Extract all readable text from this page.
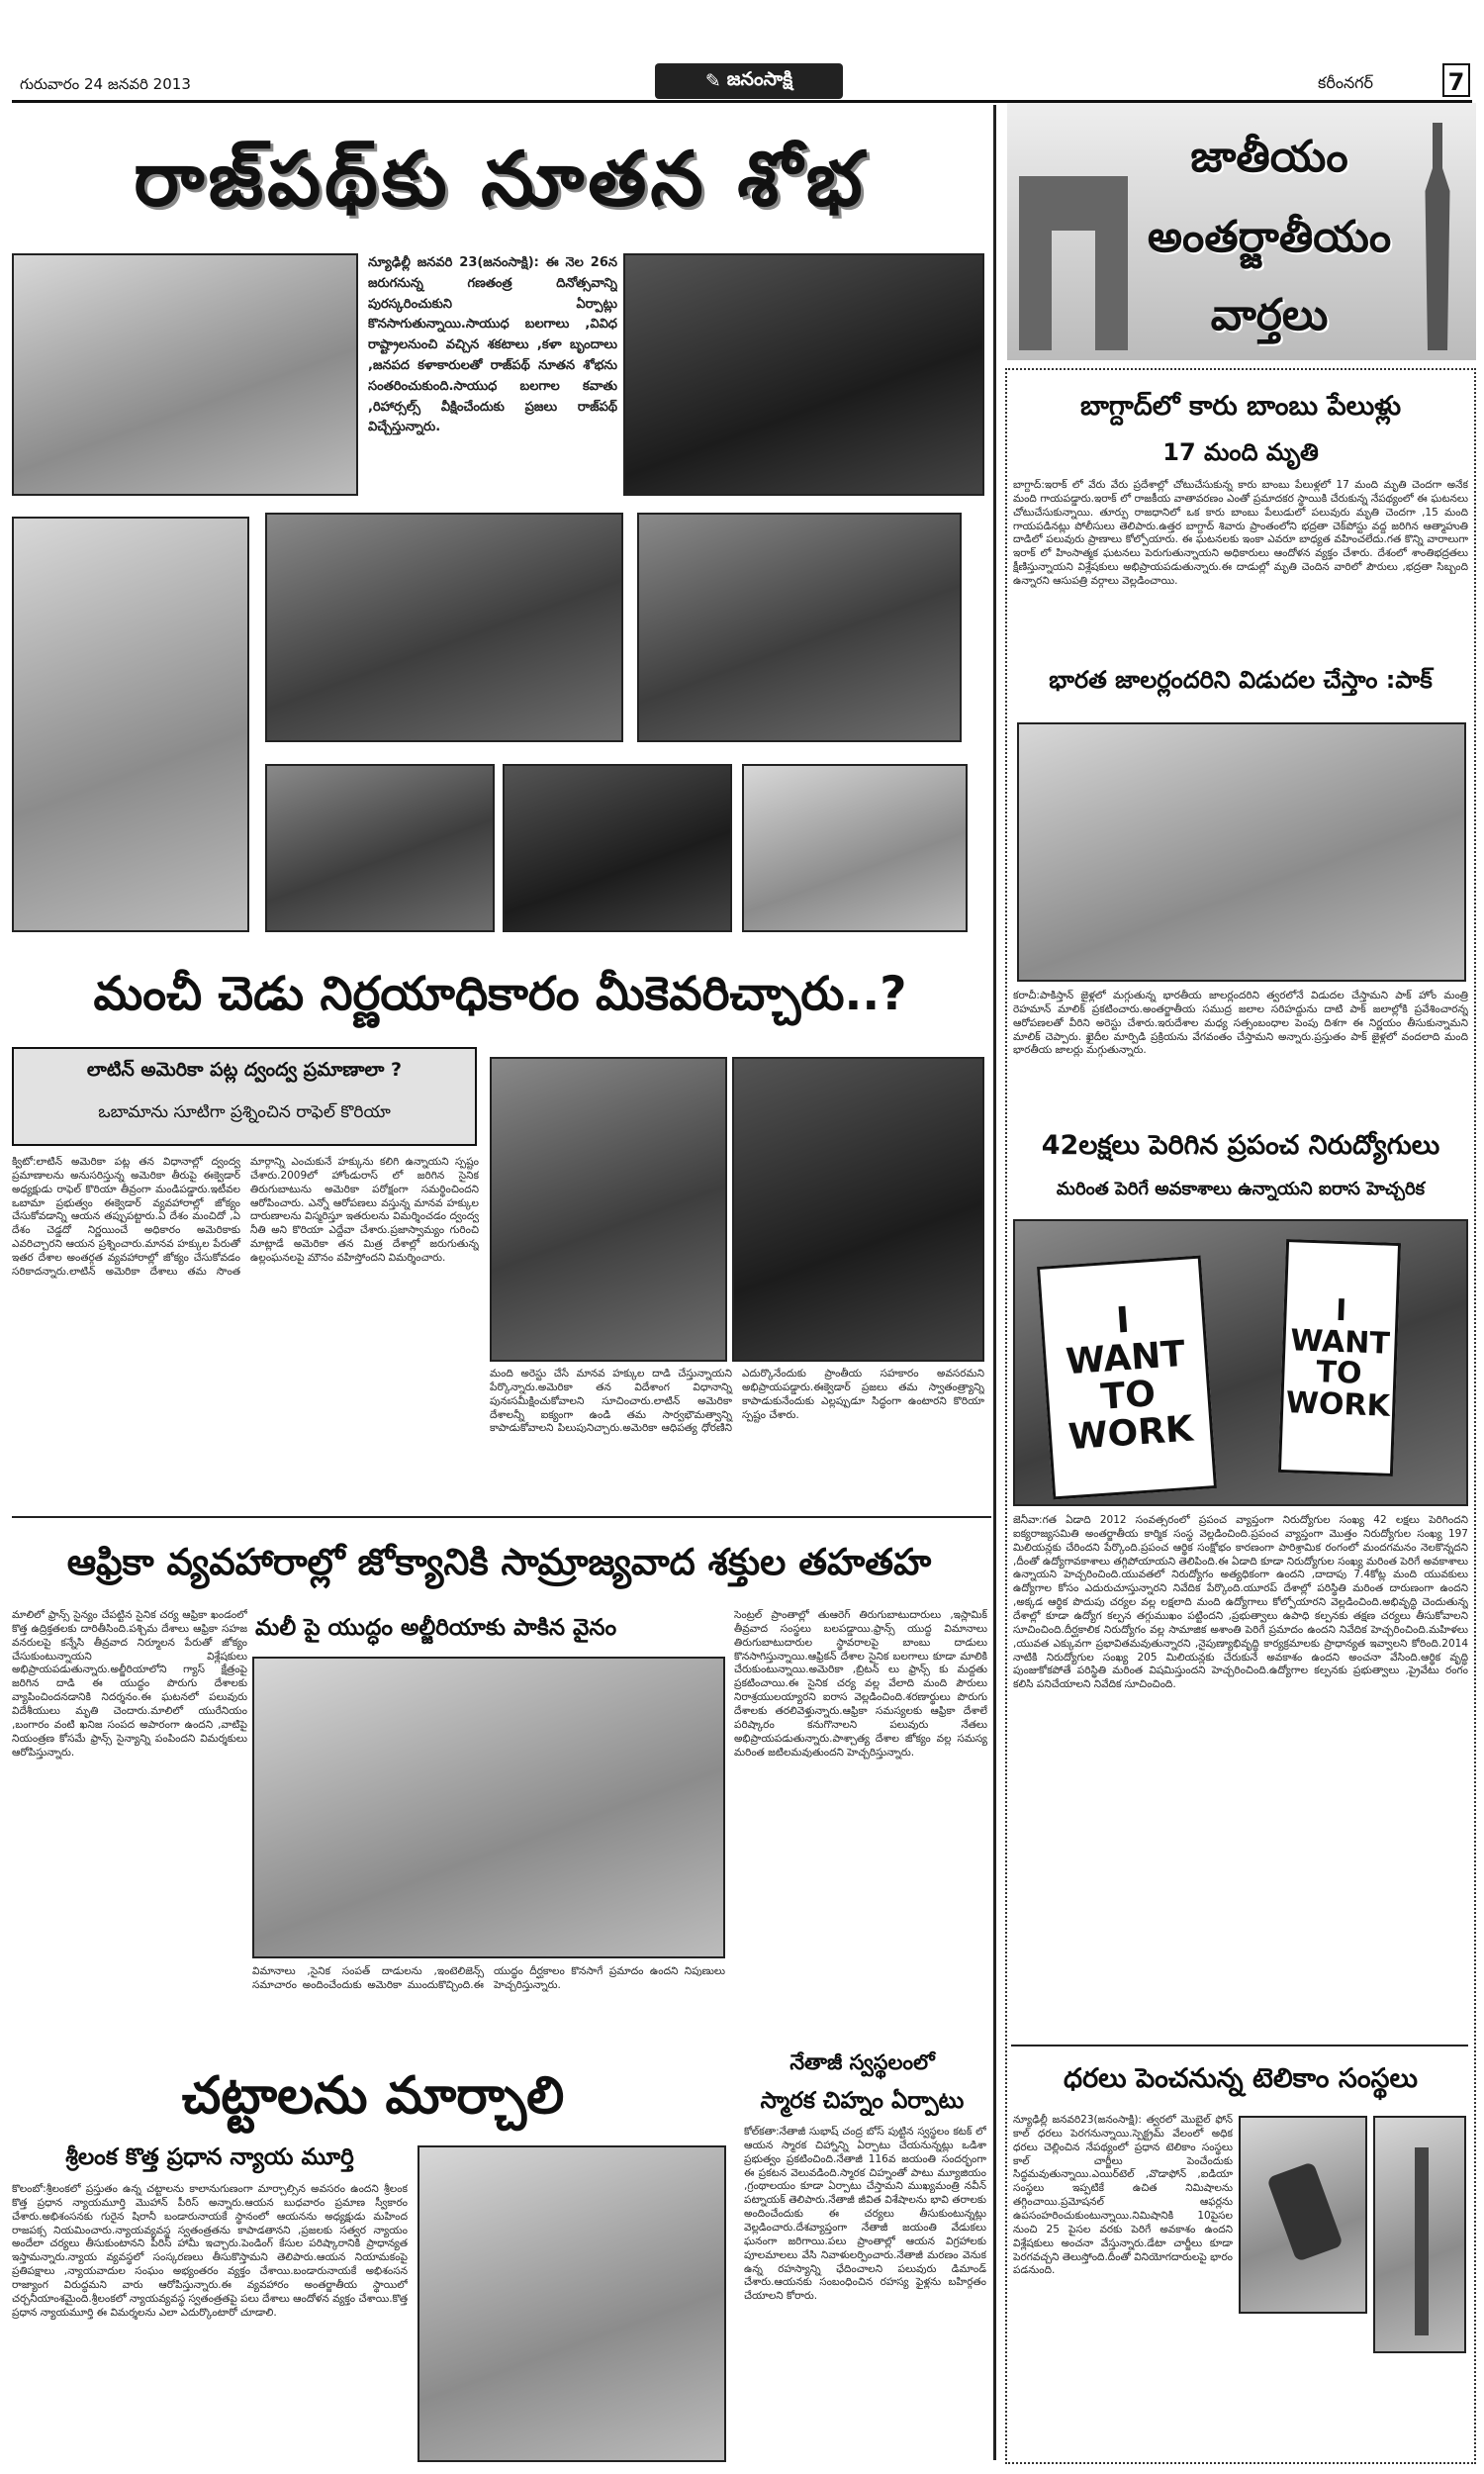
గురువారం 24 జనవరి 2013	✎ జనంసాక్షి	కరీంనగర్	7
రాజ్‌పథ్‌కు నూతన శోభ
న్యూఢిల్లీ జనవరి 23(జనంసాక్షి): ఈ నెల 26న జరుగనున్న గణతంత్ర దినోత్సవాన్ని పురస్కరించుకుని ఏర్పాట్లు కొనసాగుతున్నాయి.సాయుధ బలగాలు ,వివిధ రాష్ట్రాలనుంచి వచ్చిన శకటాలు ,కళా బృందాలు ,జనపద కళాకారులతో రాజ్‌పథ్ నూతన శోభను సంతరించుకుంది.సాయుధ బలగాల కవాతు ,రిహార్సల్స్ వీక్షించేందుకు ప్రజలు రాజ్‌పథ్ విచ్చేస్తున్నారు.
మంచీ చెడు నిర్ణయాధికారం మీకెవరిచ్చారు..?
లాటిన్ అమెరికా పట్ల ద్వంద్వ ప్రమాణాలా ?
ఒబామాను సూటిగా ప్రశ్నించిన రాఫెల్ కొరియా
క్విటో:లాటిన్ అమెరికా పట్ల తన విధానాల్లో ద్వంద్వ ప్రమాణాలను అనుసరిస్తున్న అమెరికా తీరుపై ఈక్వెడార్ అధ్యక్షుడు రాఫెల్ కొరియా తీవ్రంగా మండిపడ్డారు.ఇటీవల ఒబామా ప్రభుత్వం ఈక్వెడార్ వ్యవహారాల్లో జోక్యం చేసుకోవడాన్ని ఆయన తప్పుపట్టారు.ఏ దేశం మంచిదో ,ఏ దేశం చెడ్డదో నిర్ణయించే అధికారం అమెరికాకు ఎవరిచ్చారని ఆయన ప్రశ్నించారు.మానవ హక్కుల పేరుతో ఇతర దేశాల అంతర్గత వ్యవహారాల్లో జోక్యం చేసుకోవడం సరికాదన్నారు.లాటిన్ అమెరికా దేశాలు తమ సొంత మార్గాన్ని ఎంచుకునే హక్కును కలిగి ఉన్నాయని స్పష్టం చేశారు.2009లో హోండురాస్ లో జరిగిన సైనిక తిరుగుబాటును అమెరికా పరోక్షంగా సమర్థించిందని ఆరోపించారు. ఎన్నో ఆరోపణలు వస్తున్న మానవ హక్కుల దారుణాలను విస్మరిస్తూ ఇతరులను విమర్శించడం ద్వంద్వ నీతి అని కొరియా ఎద్దేవా చేశారు.ప్రజాస్వామ్యం గురించి మాట్లాడే అమెరికా తన మిత్ర దేశాల్లో జరుగుతున్న ఉల్లంఘనలపై మౌనం వహిస్తోందని విమర్శించారు.
మంది అరెస్టు చేసే మానవ హక్కుల దాడి చేస్తున్నాయని పేర్కొన్నారు.అమెరికా తన విదేశాంగ విధానాన్ని పునఃసమీక్షించుకోవాలని సూచించారు.లాటిన్ అమెరికా దేశాలన్నీ ఐక్యంగా ఉండి తమ సార్వభౌమత్వాన్ని కాపాడుకోవాలని పిలుపునిచ్చారు.అమెరికా ఆధిపత్య ధోరణిని ఎదుర్కొనేందుకు ప్రాంతీయ సహకారం అవసరమని అభిప్రాయపడ్డారు.ఈక్వెడార్ ప్రజలు తమ స్వాతంత్ర్యాన్ని కాపాడుకునేందుకు ఎల్లప్పుడూ సిద్ధంగా ఉంటారని కొరియా స్పష్టం చేశారు.
ఆఫ్రికా వ్యవహారాల్లో జోక్యానికి సామ్రాజ్యవాద శక్తుల తహతహ
మాలిలో ఫ్రాన్స్ సైన్యం చేపట్టిన సైనిక చర్య ఆఫ్రికా ఖండంలో కొత్త ఉద్రిక్తతలకు దారితీసింది.పశ్చిమ దేశాలు ఆఫ్రికా సహజ వనరులపై కన్నేసి తీవ్రవాద నిర్మూలన పేరుతో జోక్యం చేసుకుంటున్నాయని విశ్లేషకులు అభిప్రాయపడుతున్నారు.అల్జీరియాలోని గ్యాస్ క్షేత్రంపై జరిగిన దాడి ఈ యుద్ధం పొరుగు దేశాలకు వ్యాపించిందనడానికి నిదర్శనం.ఈ ఘటనలో పలువురు విదేశీయులు మృతి చెందారు.మాలిలో యురేనియం ,బంగారం వంటి ఖనిజ సంపద అపారంగా ఉందని ,వాటిపై నియంత్రణ కోసమే ఫ్రాన్స్ సైన్యాన్ని పంపిందని విమర్శకులు ఆరోపిస్తున్నారు.
మలీ పై యుద్ధం అల్జీరియాకు పాకిన వైనం
విమానాలు ,సైనిక సంపత్ దాడులను ,ఇంటెలిజెన్స్ సమాచారం అందించేందుకు అమెరికా ముందుకొచ్చింది.ఈ యుద్ధం దీర్ఘకాలం కొనసాగే ప్రమాదం ఉందని నిపుణులు హెచ్చరిస్తున్నారు.
సెంట్రల్ ప్రాంతాల్లో తుఆరెగ్ తిరుగుబాటుదారులు ,ఇస్లామిక్ తీవ్రవాద సంస్థలు బలపడ్డాయి.ఫ్రాన్స్ యుద్ధ విమానాలు తిరుగుబాటుదారుల స్థావరాలపై బాంబు దాడులు కొనసాగిస్తున్నాయి.ఆఫ్రికన్ దేశాల సైనిక బలగాలు కూడా మాలికి చేరుకుంటున్నాయి.అమెరికా ,బ్రిటన్ లు ఫ్రాన్స్ కు మద్దతు ప్రకటించాయి.ఈ సైనిక చర్య వల్ల వేలాది మంది పౌరులు నిరాశ్రయులయ్యారని ఐరాస వెల్లడించింది.శరణార్థులు పొరుగు దేశాలకు తరలివెళ్తున్నారు.ఆఫ్రికా సమస్యలకు ఆఫ్రికా దేశాలే పరిష్కారం కనుగొనాలని పలువురు నేతలు అభిప్రాయపడుతున్నారు.పాశ్చాత్య దేశాల జోక్యం వల్ల సమస్య మరింత జటిలమవుతుందని హెచ్చరిస్తున్నారు.
చట్టాలను మార్చాలి
శ్రీలంక కొత్త ప్రధాన న్యాయ మూర్తి
కొలంబో:శ్రీలంకలో ప్రస్తుతం ఉన్న చట్టాలను కాలానుగుణంగా మార్చాల్సిన అవసరం ఉందని శ్రీలంక కొత్త ప్రధాన న్యాయమూర్తి మొహాన్ పీరిస్ అన్నారు.ఆయన బుధవారం ప్రమాణ స్వీకారం చేశారు.అభిశంసనకు గురైన షిరానీ బండారునాయకే స్థానంలో ఆయనను అధ్యక్షుడు మహింద రాజపక్స నియమించారు.న్యాయవ్యవస్థ స్వతంత్రతను కాపాడతానని ,ప్రజలకు సత్వర న్యాయం అందేలా చర్యలు తీసుకుంటానని పీరిస్ హామీ ఇచ్చారు.పెండింగ్ కేసుల పరిష్కారానికి ప్రాధాన్యత ఇస్తామన్నారు.న్యాయ వ్యవస్థలో సంస్కరణలు తీసుకొస్తామని తెలిపారు.ఆయన నియామకంపై ప్రతిపక్షాలు ,న్యాయవాదుల సంఘం అభ్యంతరం వ్యక్తం చేశాయి.బండారునాయకే అభిశంసన రాజ్యాంగ విరుద్ధమని వారు ఆరోపిస్తున్నారు.ఈ వ్యవహారం అంతర్జాతీయ స్థాయిలో చర్చనీయాంశమైంది.శ్రీలంకలో న్యాయవ్యవస్థ స్వతంత్రతపై పలు దేశాలు ఆందోళన వ్యక్తం చేశాయి.కొత్త ప్రధాన న్యాయమూర్తి ఈ విమర్శలను ఎలా ఎదుర్కొంటారో చూడాలి.
నేతాజీ స్వస్థలంలో
స్మారక చిహ్నం ఏర్పాటు
కోల్‌కతా:నేతాజీ సుభాష్ చంద్ర బోస్ పుట్టిన స్వస్థలం కటక్ లో ఆయన స్మారక చిహ్నాన్ని ఏర్పాటు చేయనున్నట్లు ఒడిశా ప్రభుత్వం ప్రకటించింది.నేతాజీ 116వ జయంతి సందర్భంగా ఈ ప్రకటన వెలువడింది.స్మారక చిహ్నంతో పాటు మ్యూజియం ,గ్రంథాలయం కూడా ఏర్పాటు చేస్తామని ముఖ్యమంత్రి నవీన్ పట్నాయక్ తెలిపారు.నేతాజీ జీవిత విశేషాలను భావి తరాలకు అందించేందుకు ఈ చర్యలు తీసుకుంటున్నట్లు వెల్లడించారు.దేశవ్యాప్తంగా నేతాజీ జయంతి వేడుకలు ఘనంగా జరిగాయి.పలు ప్రాంతాల్లో ఆయన విగ్రహాలకు పూలమాలలు వేసి నివాళులర్పించారు.నేతాజీ మరణం వెనుక ఉన్న రహస్యాన్ని ఛేదించాలని పలువురు డిమాండ్ చేశారు.ఆయనకు సంబంధించిన రహస్య ఫైళ్లను బహిర్గతం చేయాలని కోరారు.
జాతీయం
అంతర్జాతీయం
వార్తలు
బాగ్దాద్‌లో కారు బాంబు పేలుళ్లు
17 మంది మృతి
బాగ్దాద్:ఇరాక్ లో వేరు వేరు ప్రదేశాల్లో చోటుచేసుకున్న కారు బాంబు పేలుళ్లలో 17 మంది మృతి చెందగా అనేక మంది గాయపడ్డారు.ఇరాక్ లో రాజకీయ వాతావరణం ఎంతో ప్రమాదకర స్థాయికి చేరుకున్న నేపథ్యంలో ఈ ఘటనలు చోటుచేసుకున్నాయి. తూర్పు రాజధానిలో ఒక కారు బాంబు పేలుడులో పలువురు మృతి చెందగా ,15 మంది గాయపడినట్లు పోలీసులు తెలిపారు.ఉత్తర బాగ్దాద్ శివారు ప్రాంతంలోని భద్రతా చెక్‌పోస్టు వద్ద జరిగిన ఆత్మాహుతి దాడిలో పలువురు ప్రాణాలు కోల్పోయారు. ఈ ఘటనలకు ఇంకా ఎవరూ బాధ్యత వహించలేదు.గత కొన్ని వారాలుగా ఇరాక్ లో హింసాత్మక ఘటనలు పెరుగుతున్నాయని అధికారులు ఆందోళన వ్యక్తం చేశారు. దేశంలో శాంతిభద్రతలు క్షీణిస్తున్నాయని విశ్లేషకులు అభిప్రాయపడుతున్నారు.ఈ దాడుల్లో మృతి చెందిన వారిలో పౌరులు ,భద్రతా సిబ్బంది ఉన్నారని ఆసుపత్రి వర్గాలు వెల్లడించాయి.
భారత జాలర్లందరిని విడుదల చేస్తాం :పాక్
కరాచీ:పాకిస్తాన్ జైళ్లలో మగ్గుతున్న భారతీయ జాలర్లందరిని త్వరలోనే విడుదల చేస్తామని పాక్ హోం మంత్రి రెహమాన్ మాలిక్ ప్రకటించారు.అంతర్జాతీయ సముద్ర జలాల సరిహద్దును దాటి పాక్ జలాల్లోకి ప్రవేశించారన్న ఆరోపణలతో వీరిని అరెస్టు చేశారు.ఇరుదేశాల మధ్య సత్సంబంధాల పెంపు దిశగా ఈ నిర్ణయం తీసుకున్నామని మాలిక్ చెప్పారు. ఖైదీల మార్పిడి ప్రక్రియను వేగవంతం చేస్తామని అన్నారు.ప్రస్తుతం పాక్ జైళ్లలో వందలాది మంది భారతీయ జాలర్లు మగ్గుతున్నారు.
42లక్షలు పెరిగిన ప్రపంచ నిరుద్యోగులు
మరింత పెరిగే అవకాశాలు ఉన్నాయని ఐరాస హెచ్చరిక
I
WANT
TO
WORK
I
WANT
TO
WORK
జెనీవా:గత ఏడాది 2012 సంవత్సరంలో ప్రపంచ వ్యాప్తంగా నిరుద్యోగుల సంఖ్య 42 లక్షలు పెరిగిందని ఐక్యరాజ్యసమితి అంతర్జాతీయ కార్మిక సంస్థ వెల్లడించింది.ప్రపంచ వ్యాప్తంగా మొత్తం నిరుద్యోగుల సంఖ్య 197 మిలియన్లకు చేరిందని పేర్కొంది.ప్రపంచ ఆర్థిక సంక్షోభం కారణంగా పారిశ్రామిక రంగంలో మందగమనం నెలకొన్నదని ,దీంతో ఉద్యోగావకాశాలు తగ్గిపోయాయని తెలిపింది.ఈ ఏడాది కూడా నిరుద్యోగుల సంఖ్య మరింత పెరిగే అవకాశాలు ఉన్నాయని హెచ్చరించింది.యువతలో నిరుద్యోగం అత్యధికంగా ఉందని ,దాదాపు 7.4కోట్ల మంది యువకులు ఉద్యోగాల కోసం ఎదురుచూస్తున్నారని నివేదిక పేర్కొంది.యూరప్ దేశాల్లో పరిస్థితి మరింత దారుణంగా ఉందని ,అక్కడ ఆర్థిక పొదుపు చర్యల వల్ల లక్షలాది మంది ఉద్యోగాలు కోల్పోయారని వెల్లడించింది.అభివృద్ధి చెందుతున్న దేశాల్లో కూడా ఉద్యోగ కల్పన తగ్గుముఖం పట్టిందని ,ప్రభుత్వాలు ఉపాధి కల్పనకు తక్షణ చర్యలు తీసుకోవాలని సూచించింది.దీర్ఘకాలిక నిరుద్యోగం వల్ల సామాజిక అశాంతి పెరిగే ప్రమాదం ఉందని నివేదిక హెచ్చరించింది.మహిళలు ,యువత ఎక్కువగా ప్రభావితమవుతున్నారని ,నైపుణ్యాభివృద్ధి కార్యక్రమాలకు ప్రాధాన్యత ఇవ్వాలని కోరింది.2014 నాటికి నిరుద్యోగుల సంఖ్య 205 మిలియన్లకు చేరుకునే అవకాశం ఉందని అంచనా వేసింది.ఆర్థిక వృద్ధి పుంజుకోకపోతే పరిస్థితి మరింత విషమిస్తుందని హెచ్చరించింది.ఉద్యోగాల కల్పనకు ప్రభుత్వాలు ,ప్రైవేటు రంగం కలిసి పనిచేయాలని నివేదిక సూచించింది.
ధరలు పెంచనున్న టెలికాం సంస్థలు
న్యూఢిల్లీ జనవరి23(జనంసాక్షి): త్వరలో మొబైల్ ఫోన్ కాల్ ధరలు పెరగనున్నాయి.స్పెక్ట్రమ్ వేలంలో అధిక ధరలు చెల్లించిన నేపథ్యంలో ప్రధాన టెలికాం సంస్థలు కాల్ చార్జీలు పెంచేందుకు సిద్ధమవుతున్నాయి.ఎయిర్‌టెల్ ,వొడాఫోన్ ,ఐడియా సంస్థలు ఇప్పటికే ఉచిత నిమిషాలను తగ్గించాయి.ప్రమోషనల్ ఆఫర్లను ఉపసంహరించుకుంటున్నాయి.నిమిషానికి 10పైసల నుంచి 25 పైసల వరకు పెరిగే అవకాశం ఉందని విశ్లేషకులు అంచనా వేస్తున్నారు.డేటా చార్జీలు కూడా పెరగవచ్చని తెలుస్తోంది.దీంతో వినియోగదారులపై భారం పడనుంది.
